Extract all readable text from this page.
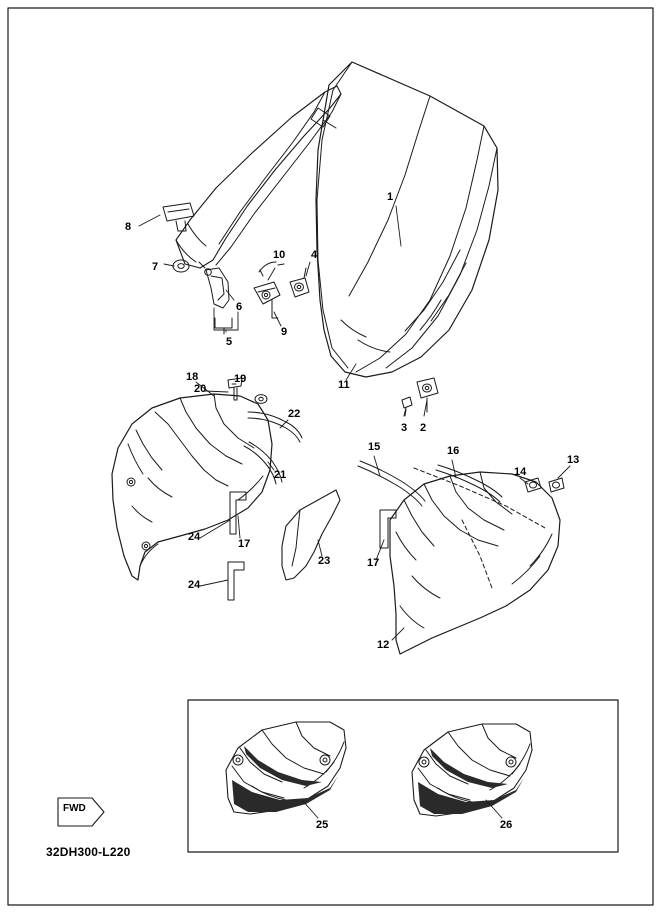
1
2
3
4
5
6
7
8
9
10
11
12
13
14
15	16
17
17
18	19
20
21
22
23
24
24
25	26
FWD
32DH300-L220
